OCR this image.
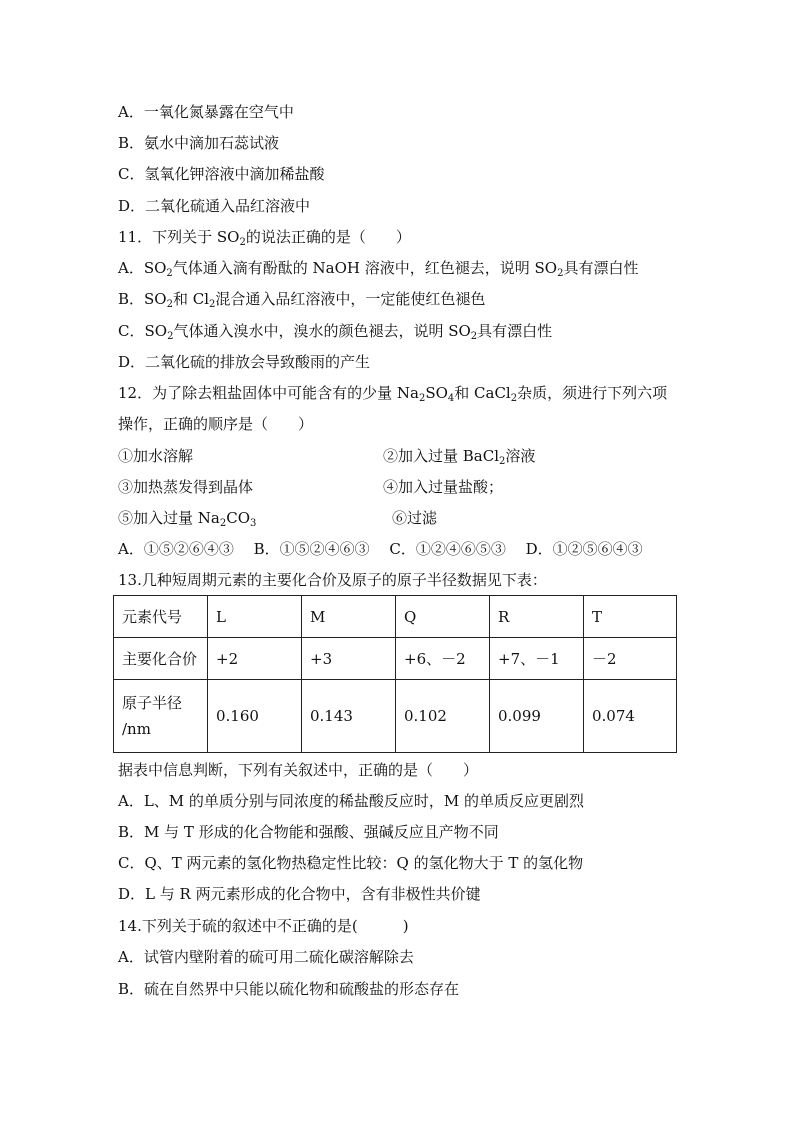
A．一氧化氮暴露在空气中
B．氨水中滴加石蕊试液
C．氢氧化钾溶液中滴加稀盐酸
D．二氧化硫通入品红溶液中
11．下列关于 $SO_2$的说法正确的是（　　）
A．$SO_2$气体通入滴有酚酞的 NaOH 溶液中，红色褪去，说明 $SO_2$具有漂白性
B．$SO_2$和 $Cl_2$混合通入品红溶液中，一定能使红色褪色
C．$SO_2$气体通入溴水中，溴水的颜色褪去，说明 $SO_2$具有漂白性
D．二氧化硫的排放会导致酸雨的产生
12．为了除去粗盐固体中可能含有的少量 $Na_2SO_4$和 CaCl$_2$杂质，须进行下列六项
操作，正确的顺序是（　　）
①加水溶解	②加入过量 BaCl$_2$溶液
③加热蒸发得到晶体	④加入过量盐酸；
⑤加入过量 $Na_2CO_3$	⑥过滤
A．①⑤②⑥④③　 B．①⑤②④⑥③　 C．①②④⑥⑤③　 D．①②⑤⑥④③
13.几种短周期元素的主要化合价及原子的原子半径数据见下表：
元素代号	L	M	Q	R	T
主要化合价	+2	+3	+6、－2	+7、－1	－2
原子半径
/nm	0.160	0.143	0.102	0.099	0.074
据表中信息判断，下列有关叙述中，正确的是（　　）
A．L、M 的单质分别与同浓度的稀盐酸反应时，M 的单质反应更剧烈
B．M 与 T 形成的化合物能和强酸、强碱反应且产物不同
C．Q、T 两元素的氢化物热稳定性比较：Q 的氢化物大于 T 的氢化物
D．L 与 R 两元素形成的化合物中，含有非极性共价键
14.下列关于硫的叙述中不正确的是(　　　)
A．试管内壁附着的硫可用二硫化碳溶解除去
B．硫在自然界中只能以硫化物和硫酸盐的形态存在
